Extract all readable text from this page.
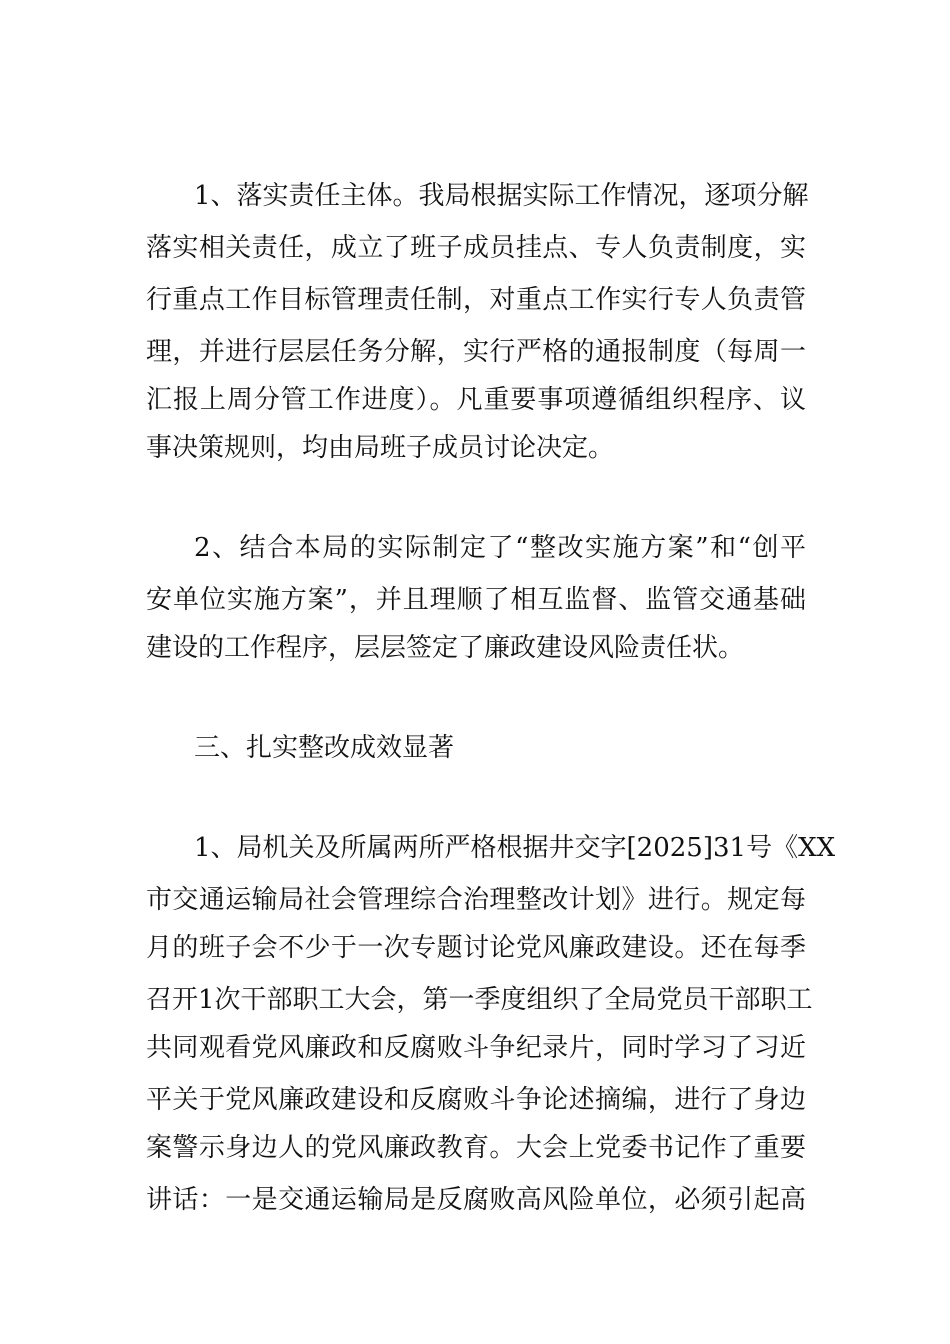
1、落实责任主体。我局根据实际工作情况，逐项分解
落实相关责任，成立了班子成员挂点、专人负责制度，实
行重点工作目标管理责任制，对重点工作实行专人负责管
理，并进行层层任务分解，实行严格的通报制度（每周一
汇报上周分管工作进度）。凡重要事项遵循组织程序、议
事决策规则，均由局班子成员讨论决定。
2、结合本局的实际制定了“整改实施方案”和“创平
安单位实施方案”，并且理顺了相互监督、监管交通基础
建设的工作程序，层层签定了廉政建设风险责任状。
三、扎实整改成效显著
1、局机关及所属两所严格根据井交字[2025]31号《XX
市交通运输局社会管理综合治理整改计划》进行。规定每
月的班子会不少于一次专题讨论党风廉政建设。还在每季
召开1次干部职工大会，第一季度组织了全局党员干部职工
共同观看党风廉政和反腐败斗争纪录片，同时学习了习近
平关于党风廉政建设和反腐败斗争论述摘编，进行了身边
案警示身边人的党风廉政教育。大会上党委书记作了重要
讲话：一是交通运输局是反腐败高风险单位，必须引起高
